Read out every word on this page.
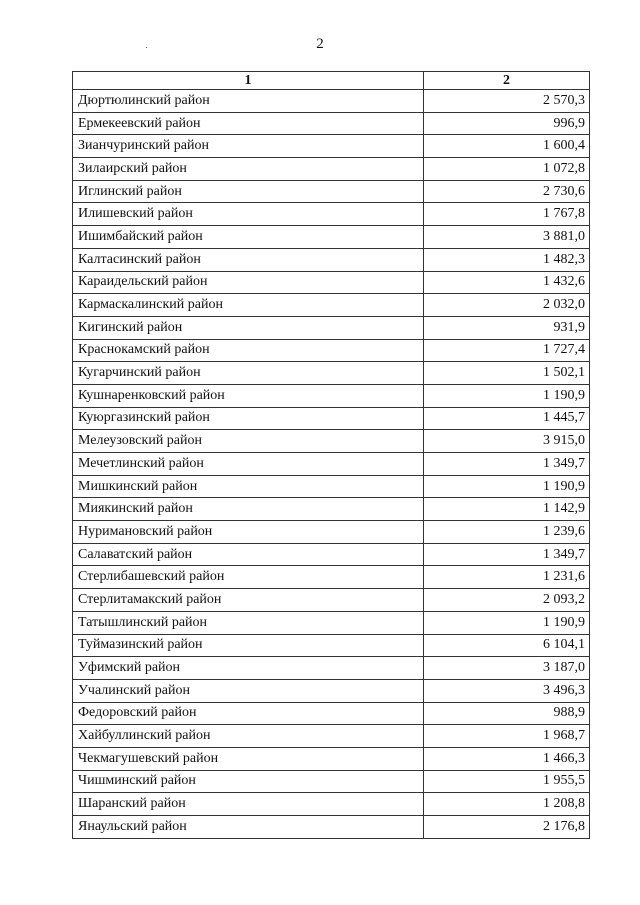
2
1	2
Дюртюлинский район	2 570,3
Ермекеевский район	996,9
Зианчуринский район	1 600,4
Зилаирский район	1 072,8
Иглинский район	2 730,6
Илишевский район	1 767,8
Ишимбайский район	3 881,0
Калтасинский район	1 482,3
Караидельский район	1 432,6
Кармаскалинский район	2 032,0
Кигинский район	931,9
Краснокамский район	1 727,4
Кугарчинский район	1 502,1
Кушнаренковский район	1 190,9
Куюргазинский район	1 445,7
Мелеузовский район	3 915,0
Мечетлинский район	1 349,7
Мишкинский район	1 190,9
Миякинский район	1 142,9
Нуримановский район	1 239,6
Салаватский район	1 349,7
Стерлибашевский район	1 231,6
Стерлитамакский район	2 093,2
Татышлинский район	1 190,9
Туймазинский район	6 104,1
Уфимский район	3 187,0
Учалинский район	3 496,3
Федоровский район	988,9
Хайбуллинский район	1 968,7
Чекмагушевский район	1 466,3
Чишминский район	1 955,5
Шаранский район	1 208,8
Янаульский район	2 176,8
